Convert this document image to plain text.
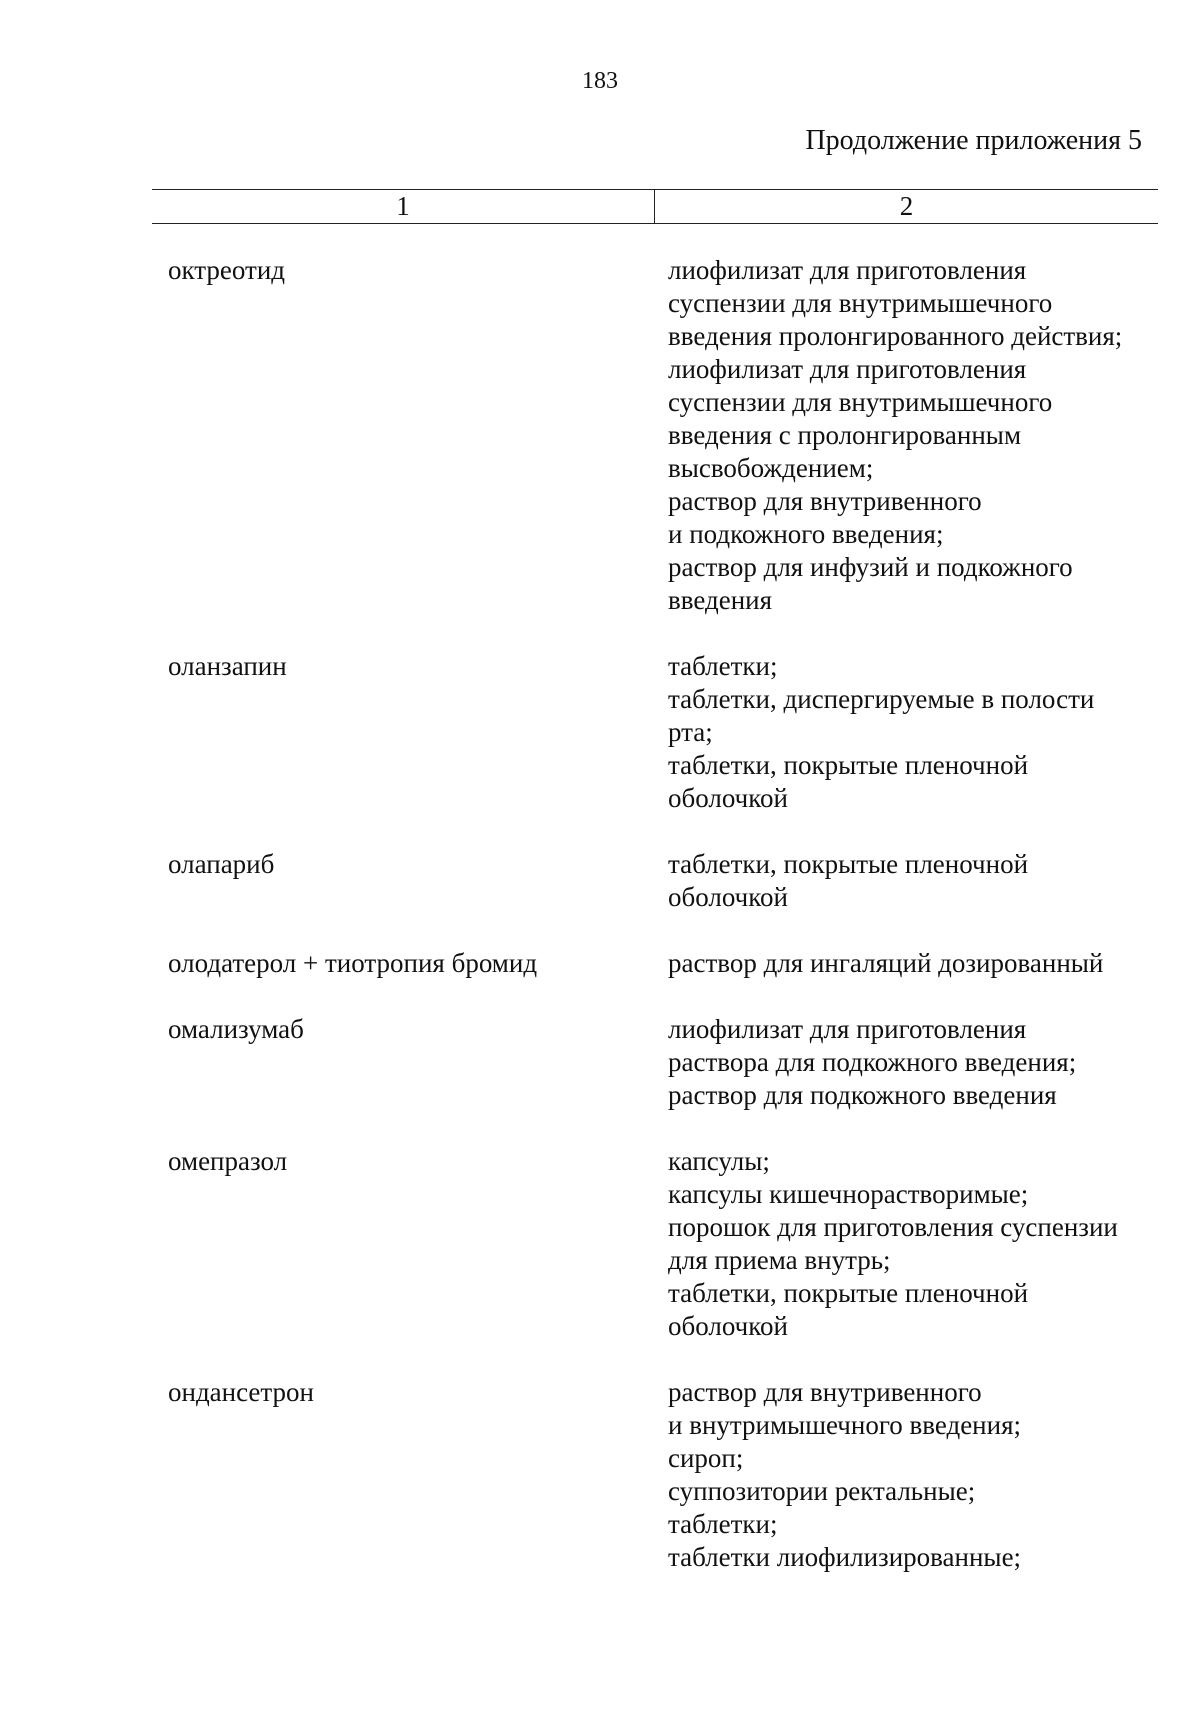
183
Продолжение приложения 5
1	2
октреотид	лиофилизат для приготовления
суспензии для внутримышечного
введения пролонгированного действия;
лиофилизат для приготовления
суспензии для внутримышечного
введения с пролонгированным
высвобождением;
раствор для внутривенного
и подкожного введения;
раствор для инфузий и подкожного
введения
оланзапин	таблетки;
таблетки, диспергируемые в полости
рта;
таблетки, покрытые пленочной
оболочкой
олапариб	таблетки, покрытые пленочной
оболочкой
олодатерол + тиотропия бромид	раствор для ингаляций дозированный
омализумаб	лиофилизат для приготовления
раствора для подкожного введения;
раствор для подкожного введения
омепразол	капсулы;
капсулы кишечнорастворимые;
порошок для приготовления суспензии
для приема внутрь;
таблетки, покрытые пленочной
оболочкой
ондансетрон	раствор для внутривенного
и внутримышечного введения;
сироп;
суппозитории ректальные;
таблетки;
таблетки лиофилизированные;
